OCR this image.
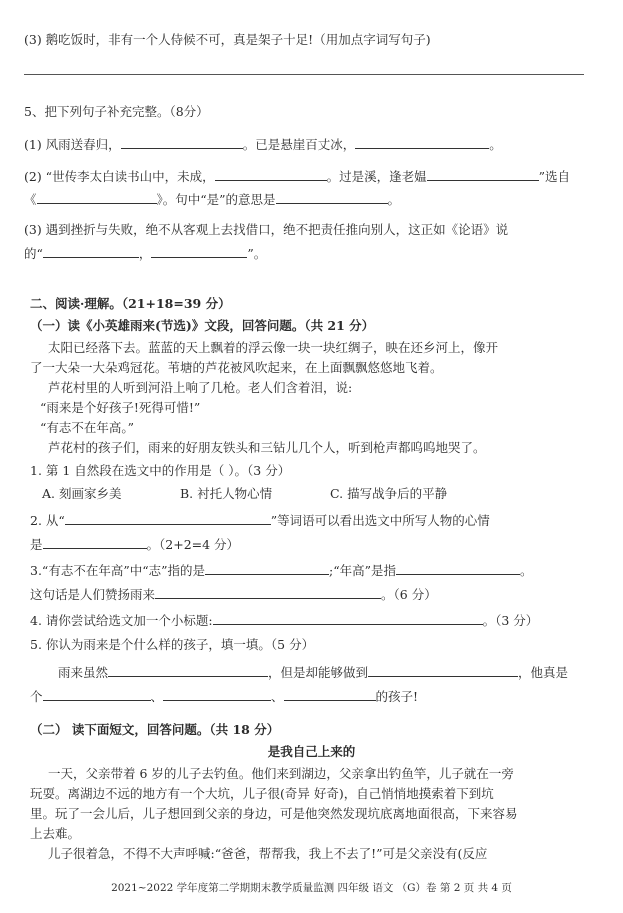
(3) 鹅吃饭时，非有一个人侍候不可，真是架子十足!（用加点字词写句子)
5、把下列句子补充完整。（8分）
(1) 风雨送春归，	。已是悬崖百丈冰，	。
(2) “世传李太白读书山中，未成，	。过是溪，逢老媪	”选自
《	》。句中“是”的意思是	。
(3) 遇到挫折与失败，绝不从客观上去找借口，绝不把责任推向别人，这正如《论语》说
的“	，	”。
二、阅读·理解。（21+18=39 分）
（一）读《小英雄雨来(节选)》文段，回答问题。（共 21 分）
太阳已经落下去。蓝蓝的天上飘着的浮云像一块一块红绸子，映在还乡河上，像开
了一大朵一大朵鸡冠花。苇塘的芦花被风吹起来，在上面飘飘悠悠地飞着。
芦花村里的人听到河沿上响了几枪。老人们含着泪，说:
“雨来是个好孩子!死得可惜!”
“有志不在年高。”
芦花村的孩子们，雨来的好朋友铁头和三钻儿几个人，听到枪声都呜呜地哭了。
1. 第 1 自然段在选文中的作用是（ ）。（3 分）
A. 刻画家乡美	B. 衬托人物心情	C. 描写战争后的平静
2. 从“	”等词语可以看出选文中所写人物的心情
是	。（2+2=4 分）
3.“有志不在年高”中“志”指的是	;“年高”是指	。
这句话是人们赞扬雨来	。（6 分）
4. 请你尝试给选文加一个小标题:	。（3 分）
5. 你认为雨来是个什么样的孩子，填一填。（5 分）
雨来虽然	，但是却能够做到	，他真是
个	、	、	的孩子!
（二） 读下面短文，回答问题。（共 18 分）
是我自己上来的
一天，父亲带着 6 岁的儿子去钓鱼。他们来到湖边，父亲拿出钓鱼竿，儿子就在一旁
玩耍。离湖边不远的地方有一个大坑，儿子很(奇异 好奇)，自己悄悄地摸索着下到坑
里。玩了一会儿后，儿子想回到父亲的身边，可是他突然发现坑底离地面很高，下来容易
上去难。
儿子很着急，不得不大声呼喊:“爸爸，帮帮我，我上不去了!”可是父亲没有(反应
2021~2022 学年度第二学期期末教学质量监测 四年级 语文 （G）卷 第 2 页 共 4 页
